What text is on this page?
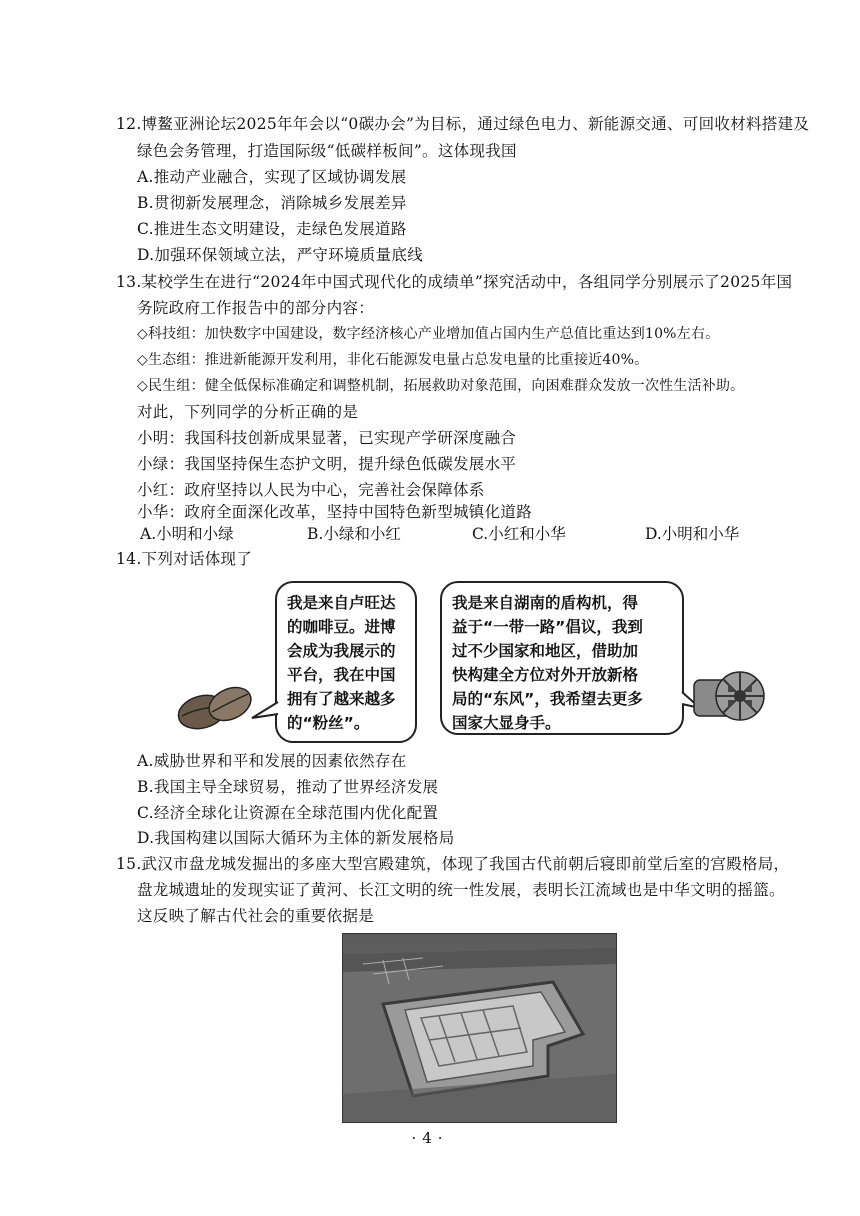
12.博鳌亚洲论坛2025年年会以“0碳办会”为目标，通过绿色电力、新能源交通、可回收材料搭建及
绿色会务管理，打造国际级“低碳样板间”。这体现我国
A.推动产业融合，实现了区域协调发展
B.贯彻新发展理念，消除城乡发展差异
C.推进生态文明建设，走绿色发展道路
D.加强环保领域立法，严守环境质量底线
13.某校学生在进行“2024年中国式现代化的成绩单”探究活动中，各组同学分别展示了2025年国
务院政府工作报告中的部分内容：
◇科技组：加快数字中国建设，数字经济核心产业增加值占国内生产总值比重达到10%左右。
◇生态组：推进新能源开发利用，非化石能源发电量占总发电量的比重接近40%。
◇民生组：健全低保标准确定和调整机制，拓展救助对象范围，向困难群众发放一次性生活补助。
对此，下列同学的分析正确的是
小明：我国科技创新成果显著，已实现产学研深度融合
小绿：我国坚持保生态护文明，提升绿色低碳发展水平
小红：政府坚持以人民为中心，完善社会保障体系
小华：政府全面深化改革，坚持中国特色新型城镇化道路
A.小明和小绿	B.小绿和小红	C.小红和小华	D.小明和小华
14.下列对话体现了

我是来自卢旺达

的咖啡豆。进博

会成为我展示的

平台，我在中国

拥有了越来越多

的“粉丝”。

我是来自湖南的盾构机，得

益于“一带一路”倡议，我到

过不少国家和地区，借助加

快构建全方位对外开放新格

局的“东风”，我希望去更多

国家大显身手。

A.威胁世界和平和发展的因素依然存在
B.我国主导全球贸易，推动了世界经济发展
C.经济全球化让资源在全球范围内优化配置
D.我国构建以国际大循环为主体的新发展格局
15.武汉市盘龙城发掘出的多座大型宫殿建筑，体现了我国古代前朝后寝即前堂后室的宫殿格局，
盘龙城遗址的发现实证了黄河、长江文明的统一性发展，表明长江流域也是中华文明的摇篮。
这反映了解古代社会的重要依据是
·4·
